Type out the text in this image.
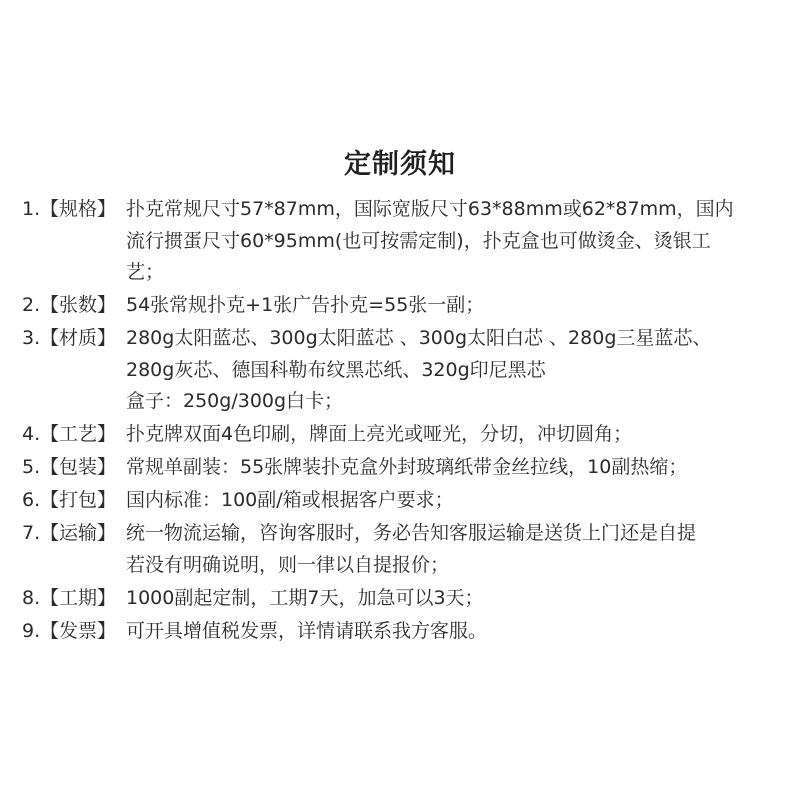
定制须知
1. 【规格】 扑克常规尺寸57*87mm，国际宽版尺寸63*88mm或62*87mm，国内
流行掼蛋尺寸60*95mm(也可按需定制)，扑克盒也可做烫金、烫银工
艺；
2. 【张数】 54张常规扑克+1张广告扑克=55张一副；
3. 【材质】 280g太阳蓝芯、300g太阳蓝芯 、300g太阳白芯 、280g三星蓝芯、
280g灰芯、德国科勒布纹黑芯纸、320g印尼黑芯
盒子：250g/300g白卡；
4. 【工艺】 扑克牌双面4色印刷，牌面上亮光或哑光，分切，冲切圆角；
5. 【包装】 常规单副装：55张牌装扑克盒外封玻璃纸带金丝拉线，10副热缩；
6. 【打包】 国内标准：100副/箱或根据客户要求；
7. 【运输】 统一物流运输，咨询客服时，务必告知客服运输是送货上门还是自提
若没有明确说明，则一律以自提报价；
8. 【工期】 1000副起定制，工期7天，加急可以3天；
9. 【发票】 可开具增值税发票，详情请联系我方客服。
